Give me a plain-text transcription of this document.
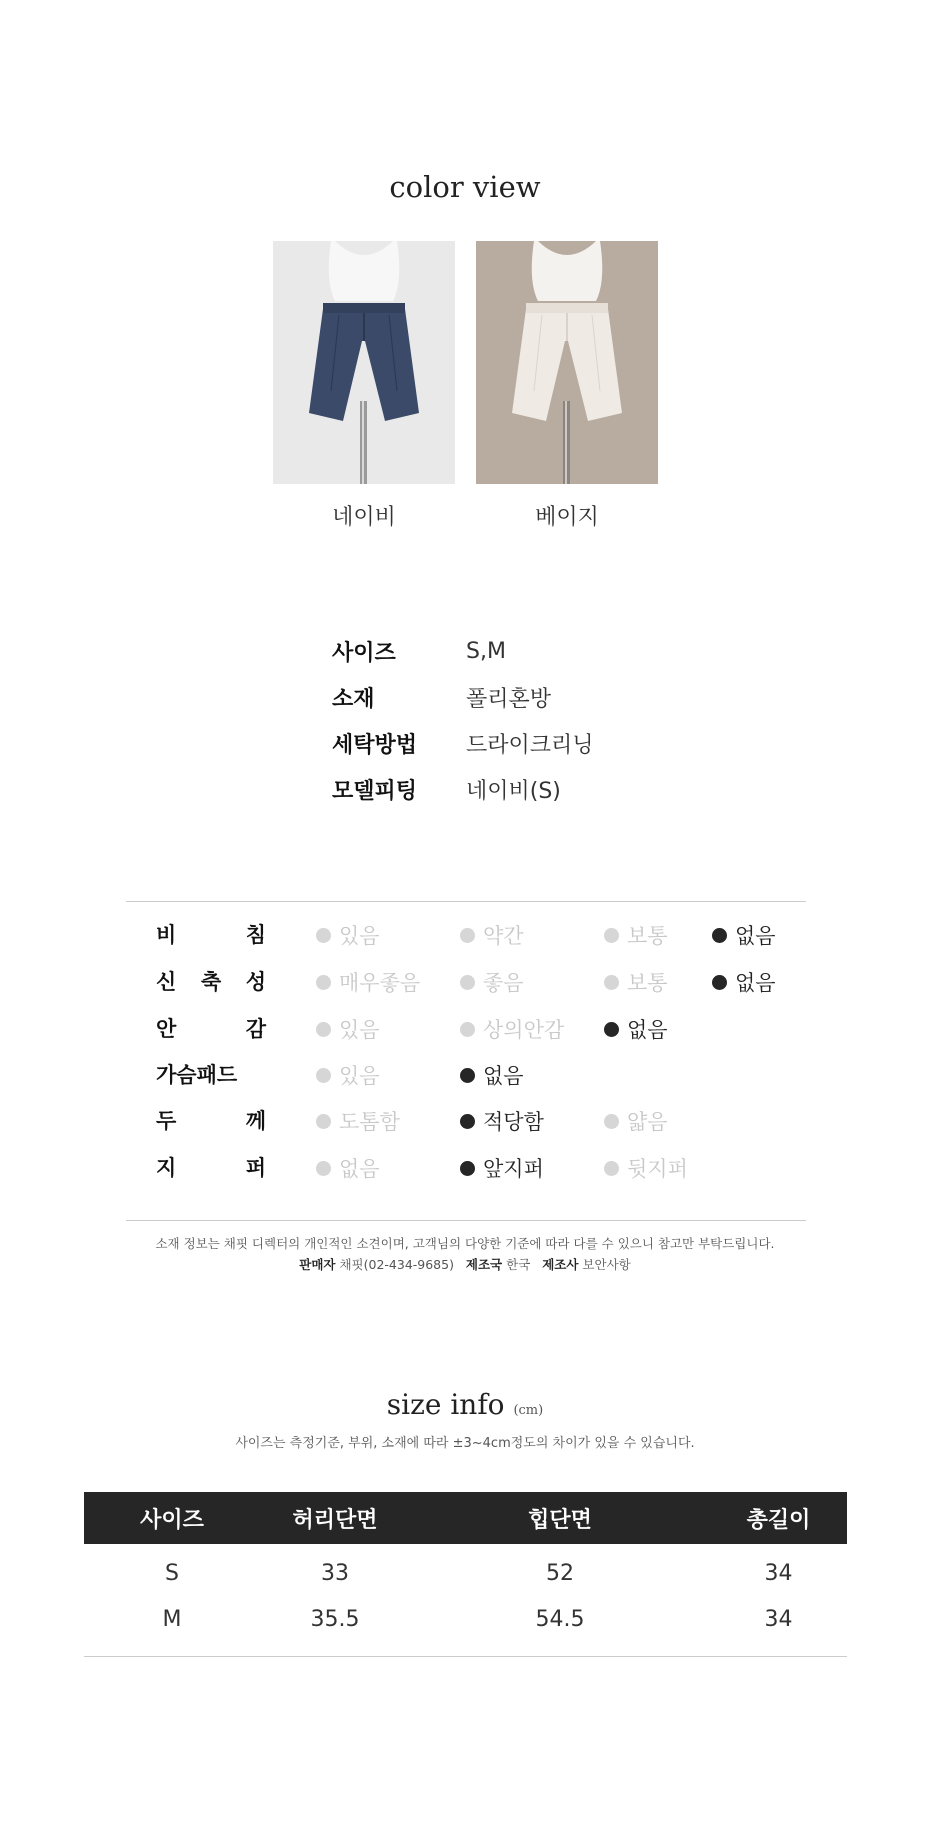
color view
네이비	베이지
사이즈	S,M
소재	폴리혼방
세탁방법	드라이크리닝
모델피팅	네이비(S)
비	침	있음	약간	보통	없음
신 축 성	매우좋음	좋음	보통	없음
안	감	있음	상의안감	없음
가슴패드	있음	없음
두	께	도톰함	적당함	얇음
지	퍼	없음	앞지퍼	뒷지퍼
소재 정보는 채핏 디렉터의 개인적인 소견이며, 고객님의 다양한 기준에 따라 다를 수 있으니 참고만 부탁드립니다.
판매자 채핏(02-434-9685) 제조국 한국 제조사 보안사항
size info (cm)
사이즈는 측정기준, 부위, 소재에 따라 ±3~4cm정도의 차이가 있을 수 있습니다.
사이즈	허리단면	힙단면	총길이
S	33	52	34
M	35.5	54.5	34
